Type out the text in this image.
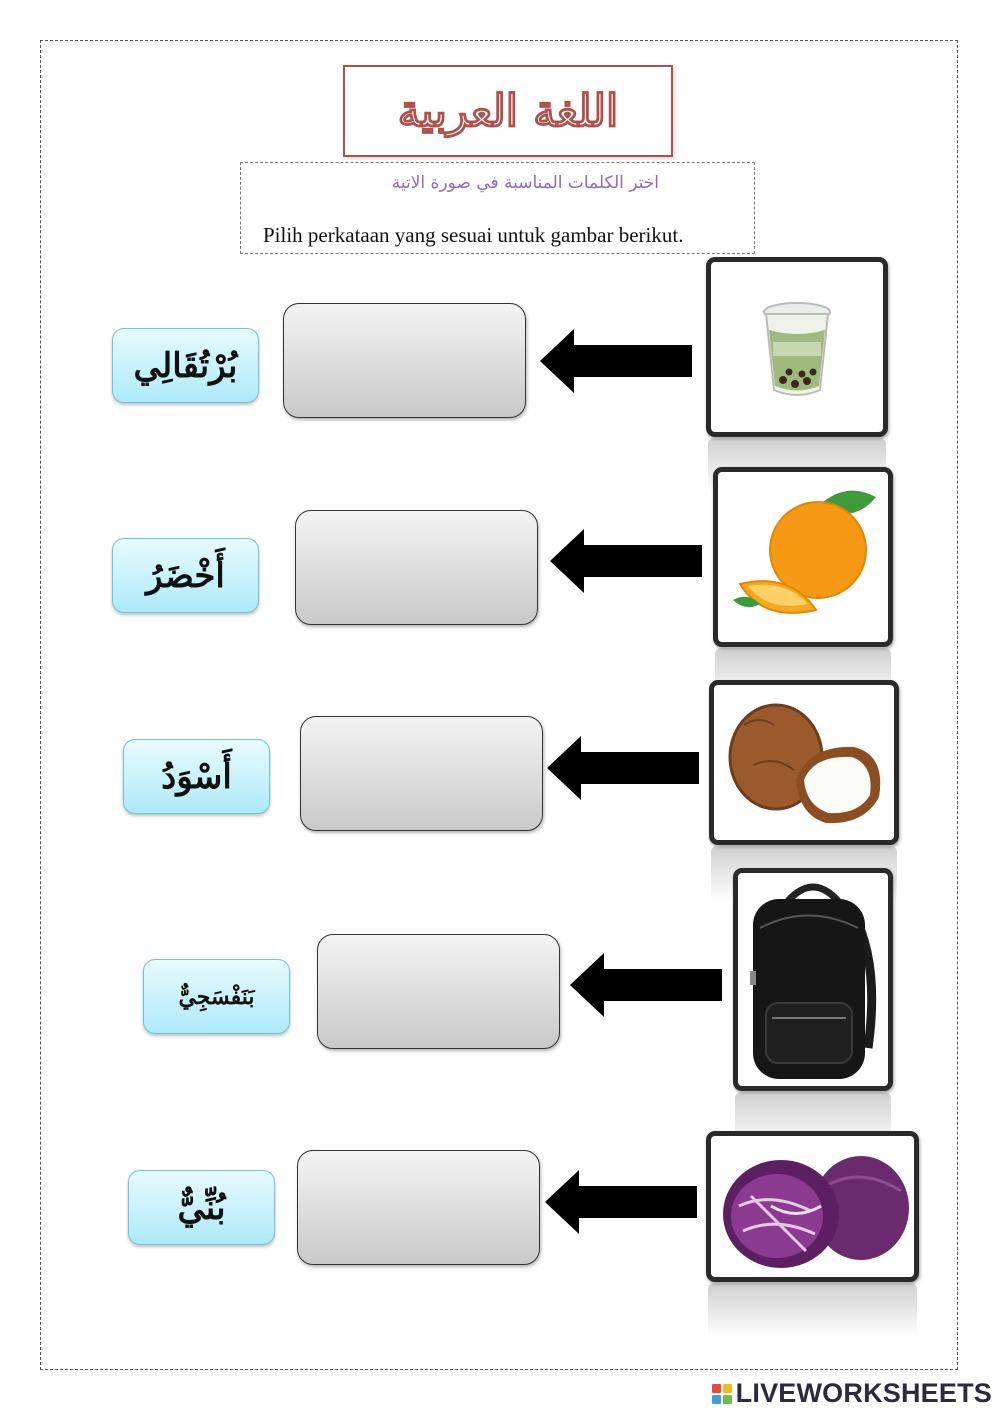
اللغة العربية
اختر الكلمات المناسبة في صورة الاتية
Pilih perkataan yang sesuai untuk gambar berikut.
بُرْتُقَالِي
أَخْضَرُ
أَسْوَدُ
بَنَفْسَجِيٌّ
بُنِّيٌّ
LIVEWORKSHEETS
